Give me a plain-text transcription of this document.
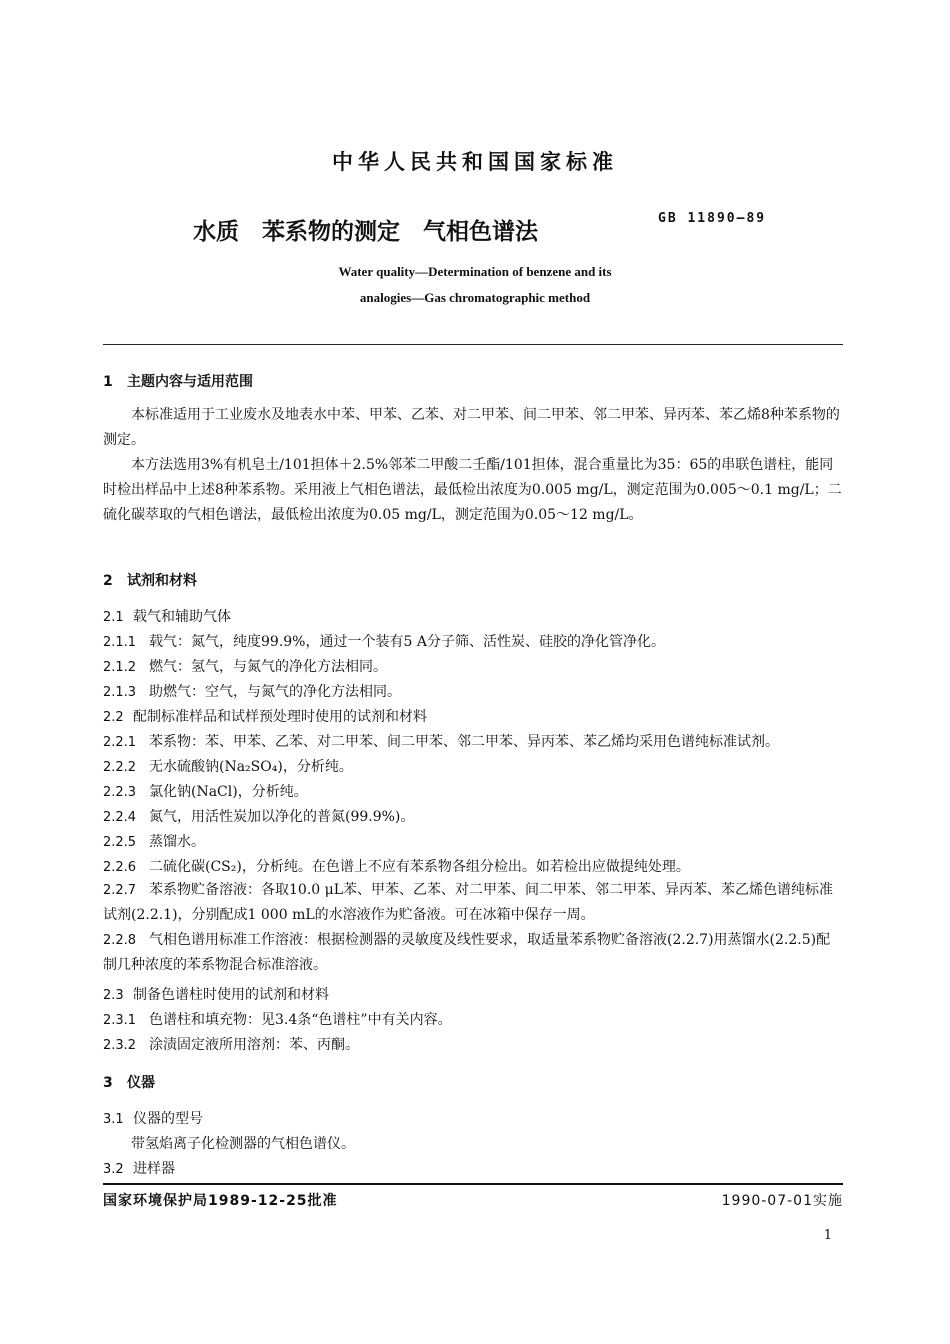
中华人民共和国国家标准
水质　苯系物的测定　气相色谱法
GB 11890—89
Water quality—Determination of benzene and its
analogies—Gas chromatographic method
1 主题内容与适用范围
本标准适用于工业废水及地表水中苯、甲苯、乙苯、对二甲苯、间二甲苯、邻二甲苯、异丙苯、苯乙烯8种苯系物的测定。
本方法选用3%有机皂土/101担体＋2.5%邻苯二甲酸二壬酯/101担体，混合重量比为35：65的串联色谱柱，能同时检出样品中上述8种苯系物。采用液上气相色谱法，最低检出浓度为0.005 mg/L，测定范围为0.005～0.1 mg/L；二硫化碳萃取的气相色谱法，最低检出浓度为0.05 mg/L，测定范围为0.05～12 mg/L。
2 试剂和材料
2.1 载气和辅助气体
2.1.1 载气：氮气，纯度99.9%，通过一个装有5 A分子筛、活性炭、硅胶的净化管净化。
2.1.2 燃气：氢气，与氮气的净化方法相同。
2.1.3 助燃气：空气，与氮气的净化方法相同。
2.2 配制标准样品和试样预处理时使用的试剂和材料
2.2.1 苯系物：苯、甲苯、乙苯、对二甲苯、间二甲苯、邻二甲苯、异丙苯、苯乙烯均采用色谱纯标准试剂。
2.2.2 无水硫酸钠(Na₂SO₄)，分析纯。
2.2.3 氯化钠(NaCl)，分析纯。
2.2.4 氮气，用活性炭加以净化的普氮(99.9%)。
2.2.5 蒸馏水。
2.2.6 二硫化碳(CS₂)，分析纯。在色谱上不应有苯系物各组分检出。如若检出应做提纯处理。
2.2.7 苯系物贮备溶液：各取10.0 μL苯、甲苯、乙苯、对二甲苯、间二甲苯、邻二甲苯、异丙苯、苯乙烯色谱纯标准试剂(2.2.1)，分别配成1 000 mL的水溶液作为贮备液。可在冰箱中保存一周。
2.2.8 气相色谱用标准工作溶液：根据检测器的灵敏度及线性要求，取适量苯系物贮备溶液(2.2.7)用蒸馏水(2.2.5)配制几种浓度的苯系物混合标准溶液。
2.3 制备色谱柱时使用的试剂和材料
2.3.1 色谱柱和填充物：见3.4条“色谱柱”中有关内容。
2.3.2 涂渍固定液所用溶剂：苯、丙酮。
3 仪器
3.1 仪器的型号
带氢焰离子化检测器的气相色谱仪。
3.2 进样器
国家环境保护局1989-12-25批准	1990-07-01实施
1
